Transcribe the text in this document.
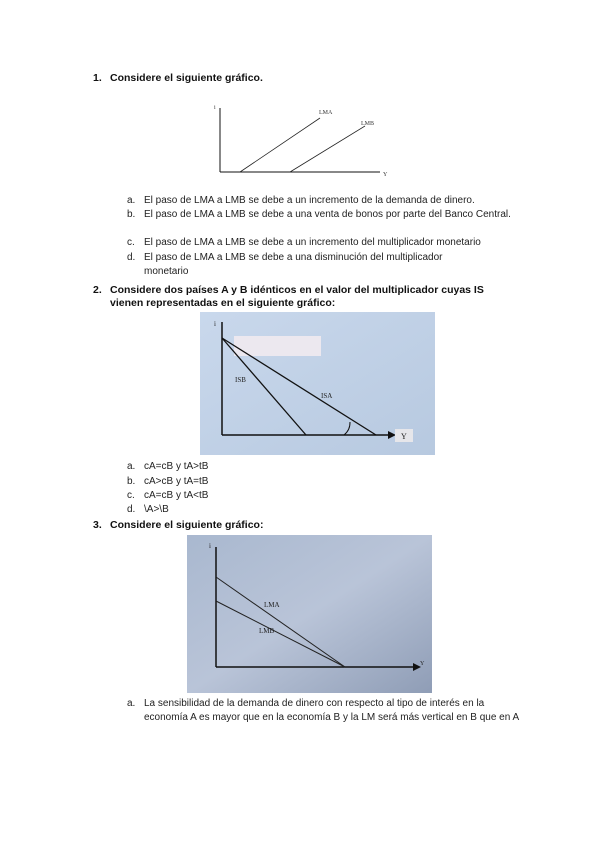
1. Considere el siguiente gráfico.
i
Y
LMA
LMB
a. El paso de LMA a LMB se debe a un incremento de la demanda de dinero.
b. El paso de LMA a LMB se debe a una venta de bonos por parte del Banco Central.
c. El paso de LMA a LMB se debe a un incremento del multiplicador monetario
d. El paso de LMA a LMB se debe a una disminución del multiplicador monetario
2. Considere dos países A y B idénticos en el valor del multiplicador cuyas IS vienen representadas en el siguiente gráfico:
i
Y
ISB
ISA
a. cA=cB y tA>tB
b. cA>cB y tA=tB
c. cA=cB y tA<tB
d. \A>\B
3. Considere el siguiente gráfico:
i
Y
LMA
LMB
a. La sensibilidad de la demanda de dinero con respecto al tipo de interés en la economía A es mayor que en la economía B y la LM será más vertical en B que en A
